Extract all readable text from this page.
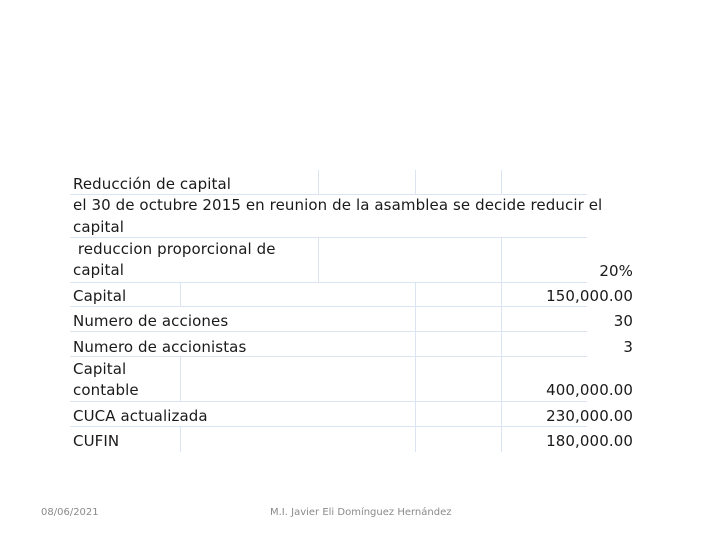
Reducción de capital
el 30 de octubre 2015 en reunion de la asamblea se decide reducir el
capital
reduccion proporcional de
capital	20%
Capital	150,000.00
Numero de acciones	30
Numero de accionistas	3
Capital
contable	400,000.00
CUCA actualizada	230,000.00
CUFIN	180,000.00
08/06/2021	M.I. Javier Eli Domínguez Hernández
